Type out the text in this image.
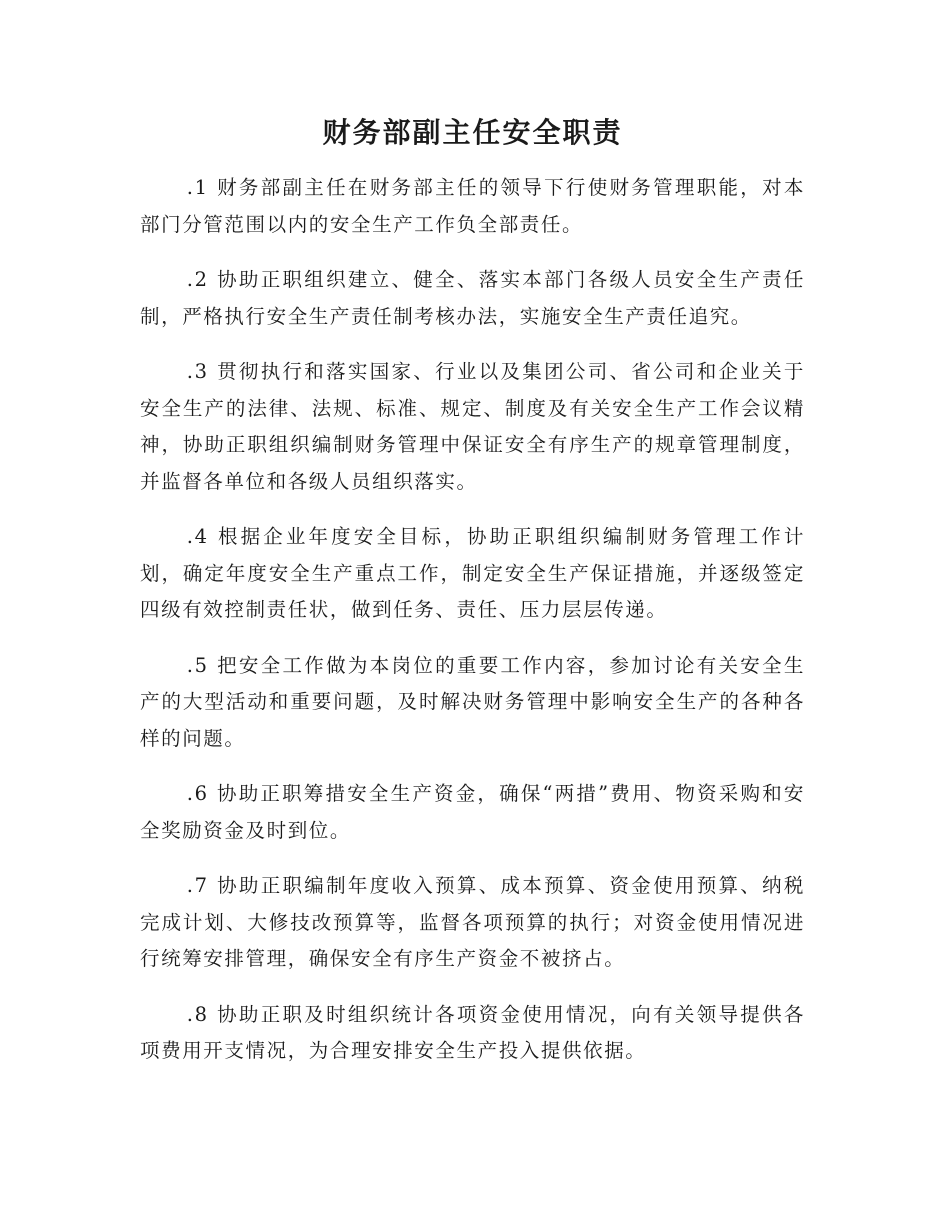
财务部副主任安全职责

.1 财务部副主任在财务部主任的领导下行使财务管理职能，对本部门分管范围以内的安全生产工作负全部责任。

.2 协助正职组织建立、健全、落实本部门各级人员安全生产责任制，严格执行安全生产责任制考核办法，实施安全生产责任追究。

.3 贯彻执行和落实国家、行业以及集团公司、省公司和企业关于安全生产的法律、法规、标准、规定、制度及有关安全生产工作会议精神，协助正职组织编制财务管理中保证安全有序生产的规章管理制度，并监督各单位和各级人员组织落实。

.4 根据企业年度安全目标，协助正职组织编制财务管理工作计划，确定年度安全生产重点工作，制定安全生产保证措施，并逐级签定四级有效控制责任状，做到任务、责任、压力层层传递。

.5 把安全工作做为本岗位的重要工作内容，参加讨论有关安全生产的大型活动和重要问题，及时解决财务管理中影响安全生产的各种各样的问题。

.6 协助正职筹措安全生产资金，确保“两措”费用、物资采购和安全奖励资金及时到位。

.7 协助正职编制年度收入预算、成本预算、资金使用预算、纳税完成计划、大修技改预算等，监督各项预算的执行；对资金使用情况进行统筹安排管理，确保安全有序生产资金不被挤占。

.8 协助正职及时组织统计各项资金使用情况，向有关领导提供各项费用开支情况，为合理安排安全生产投入提供依据。
